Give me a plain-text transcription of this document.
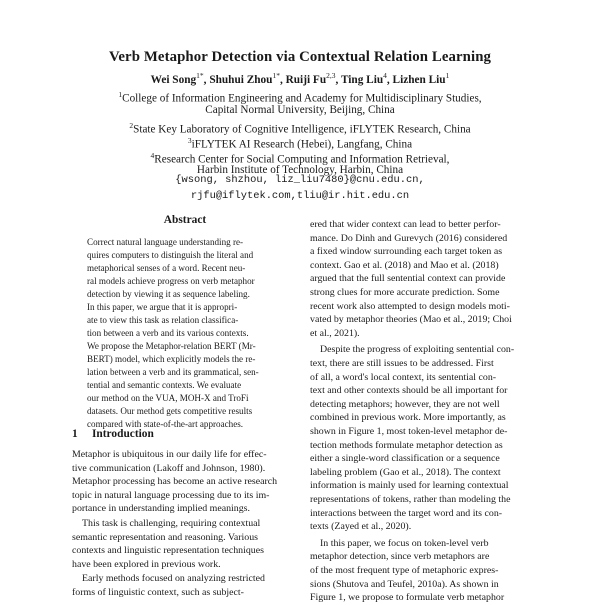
Verb Metaphor Detection via Contextual Relation Learning
Wei Song$^{1*}$, Shuhui Zhou$^{1*}$, Ruiji Fu$^{2,3}$, Ting Liu$^4$, Lizhen Liu$^1$
$^1$College of Information Engineering and Academy for Multidisciplinary Studies,
Capital Normal University, Beijing, China
$^2$State Key Laboratory of Cognitive Intelligence, iFLYTEK Research, China
$^3$iFLYTEK AI Research (Hebei), Langfang, China
$^4$Research Center for Social Computing and Information Retrieval,
Harbin Institute of Technology, Harbin, China
{wsong, shzhou, liz_liu7480}@cnu.edu.cn,
rjfu@iflytek.com,tliu@ir.hit.edu.cn
Abstract
Correct natural language understanding re-
quires computers to distinguish the literal and
metaphorical senses of a word. Recent neu-
ral models achieve progress on verb metaphor
detection by viewing it as sequence labeling.
In this paper, we argue that it is appropri-
ate to view this task as relation classifica-
tion between a verb and its various contexts.
We propose the Metaphor-relation BERT (Mr-
BERT) model, which explicitly models the re-
lation between a verb and its grammatical, sen-
tential and semantic contexts. We evaluate
our method on the VUA, MOH-X and TroFi
datasets. Our method gets competitive results
compared with state-of-the-art approaches.
1 Introduction
Metaphor is ubiquitous in our daily life for effec-
tive communication (Lakoff and Johnson, 1980).
Metaphor processing has become an active research
topic in natural language processing due to its im-
portance in understanding implied meanings.
This task is challenging, requiring contextual
semantic representation and reasoning. Various
contexts and linguistic representation techniques
have been explored in previous work.
Early methods focused on analyzing restricted
forms of linguistic context, such as subject-
ered that wider context can lead to better perfor-
mance. Do Dinh and Gurevych (2016) considered
a fixed window surrounding each target token as
context. Gao et al. (2018) and Mao et al. (2018)
argued that the full sentential context can provide
strong clues for more accurate prediction. Some
recent work also attempted to design models moti-
vated by metaphor theories (Mao et al., 2019; Choi
et al., 2021).
Despite the progress of exploiting sentential con-
text, there are still issues to be addressed. First
of all, a word's local context, its sentential con-
text and other contexts should be all important for
detecting metaphors; however, they are not well
combined in previous work. More importantly, as
shown in Figure 1, most token-level metaphor de-
tection methods formulate metaphor detection as
either a single-word classification or a sequence
labeling problem (Gao et al., 2018). The context
information is mainly used for learning contextual
representations of tokens, rather than modeling the
interactions between the target word and its con-
texts (Zayed et al., 2020).
In this paper, we focus on token-level verb
metaphor detection, since verb metaphors are
of the most frequent type of metaphoric expres-
sions (Shutova and Teufel, 2010a). As shown in
Figure 1, we propose to formulate verb metaphor
